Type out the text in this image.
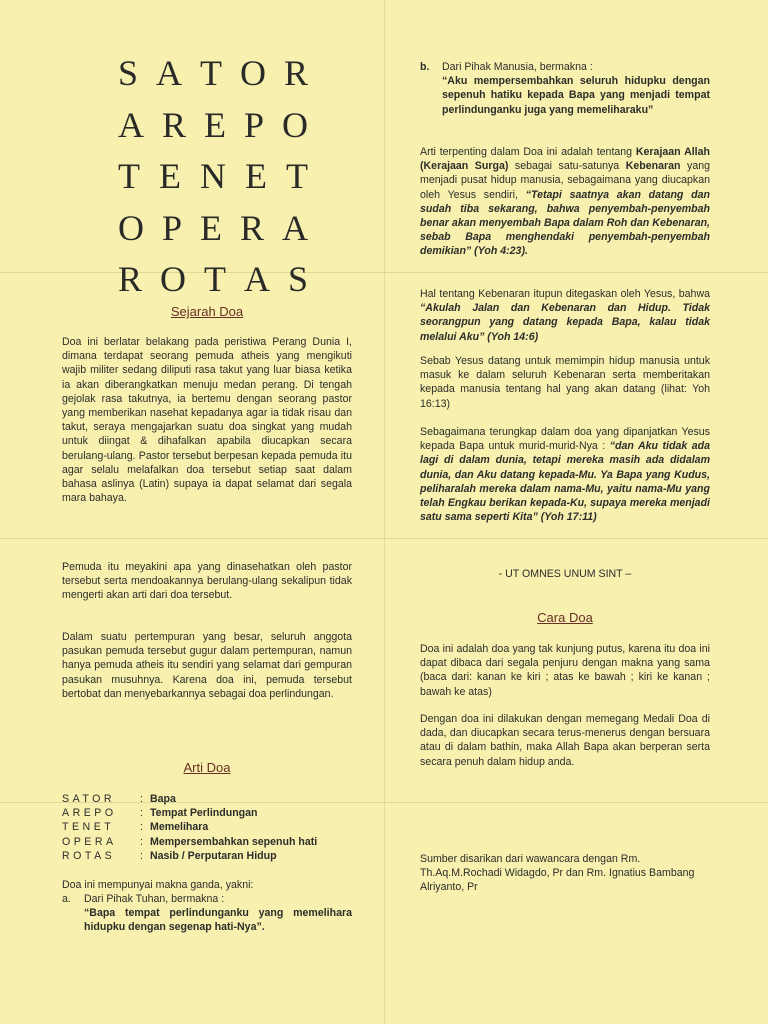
S A T O R
A R E P O
T E N E T
O P E R A
R O T A S
Sejarah Doa

Doa ini berlatar belakang pada peristiwa Perang Dunia I, dimana terdapat seorang pemuda atheis yang mengikuti wajib militer sedang diliputi rasa takut yang luar biasa ketika ia akan diberangkatkan menuju medan perang. Di tengah gejolak rasa takutnya, ia bertemu dengan seorang pastor yang memberikan nasehat kepadanya agar ia tidak risau dan takut, seraya mengajarkan suatu doa singkat yang mudah untuk diingat & dihafalkan apabila diucapkan secara berulang-ulang. Pastor tersebut berpesan kepada pemuda itu agar selalu melafalkan doa tersebut setiap saat dalam bahasa aslinya (Latin) supaya ia dapat selamat dari segala mara bahaya.

Pemuda itu meyakini apa yang dinasehatkan oleh pastor tersebut serta mendoakannya berulang-ulang sekalipun tidak mengerti akan arti dari doa tersebut.

Dalam suatu pertempuran yang besar, seluruh anggota pasukan pemuda tersebut gugur dalam pertempuran, namun hanya pemuda atheis itu sendiri yang selamat dari gempuran pasukan musuhnya. Karena doa ini, pemuda tersebut bertobat dan menyebarkannya sebagai doa perlindungan.

Arti Doa
SATOR	: Bapa
AREPO	: Tempat Perlindungan
TENET	: Memelihara
OPERA	: Mempersembahkan sepenuh hati
ROTAS	: Nasib / Perputaran Hidup

Doa ini mempunyai makna ganda, yakni:

a.	Dari Pihak Tuhan, bermakna :
“Bapa tempat perlindunganku yang memelihara hidupku dengan segenap hati-Nya”.
b.	Dari Pihak Manusia, bermakna :
“Aku mempersembahkan seluruh hidupku dengan sepenuh hatiku kepada Bapa yang menjadi tempat perlindunganku juga yang memeliharaku”

Arti terpenting dalam Doa ini adalah tentang Kerajaan Allah (Kerajaan Surga) sebagai satu-satunya Kebenaran yang menjadi pusat hidup manusia, sebagaimana yang diucapkan oleh Yesus sendiri, “Tetapi saatnya akan datang dan sudah tiba sekarang, bahwa penyembah-penyembah benar akan menyembah Bapa dalam Roh dan Kebenaran, sebab Bapa menghendaki penyembah-penyembah demikian” (Yoh 4:23).

Hal tentang Kebenaran itupun ditegaskan oleh Yesus, bahwa “Akulah Jalan dan Kebenaran dan Hidup. Tidak seorangpun yang datang kepada Bapa, kalau tidak melalui Aku” (Yoh 14:6)

Sebab Yesus datang untuk memimpin hidup manusia untuk masuk ke dalam seluruh Kebenaran serta memberitakan kepada manusia tentang hal yang akan datang (lihat: Yoh 16:13)

Sebagaimana terungkap dalam doa yang dipanjatkan Yesus kepada Bapa untuk murid-murid-Nya : “dan Aku tidak ada lagi di dalam dunia, tetapi mereka masih ada didalam dunia, dan Aku datang kepada-Mu. Ya Bapa yang Kudus, peliharalah mereka dalam nama-Mu, yaitu nama-Mu yang telah Engkau berikan kepada-Ku, supaya mereka menjadi satu sama seperti Kita” (Yoh 17:11)

- UT OMNES UNUM SINT –
Cara Doa

Doa ini adalah doa yang tak kunjung putus, karena itu doa ini dapat dibaca dari segala penjuru dengan makna yang sama (baca dari: kanan ke kiri ; atas ke bawah ; kiri ke kanan ; bawah ke atas)

Dengan doa ini dilakukan dengan memegang Medali Doa di dada, dan diucapkan secara terus-menerus dengan bersuara atau di dalam bathin, maka Allah Bapa akan berperan serta secara penuh dalam hidup anda.

Sumber disarikan dari wawancara dengan Rm. Th.Aq.M.Rochadi Widagdo, Pr dan Rm. Ignatius Bambang Alriyanto, Pr
